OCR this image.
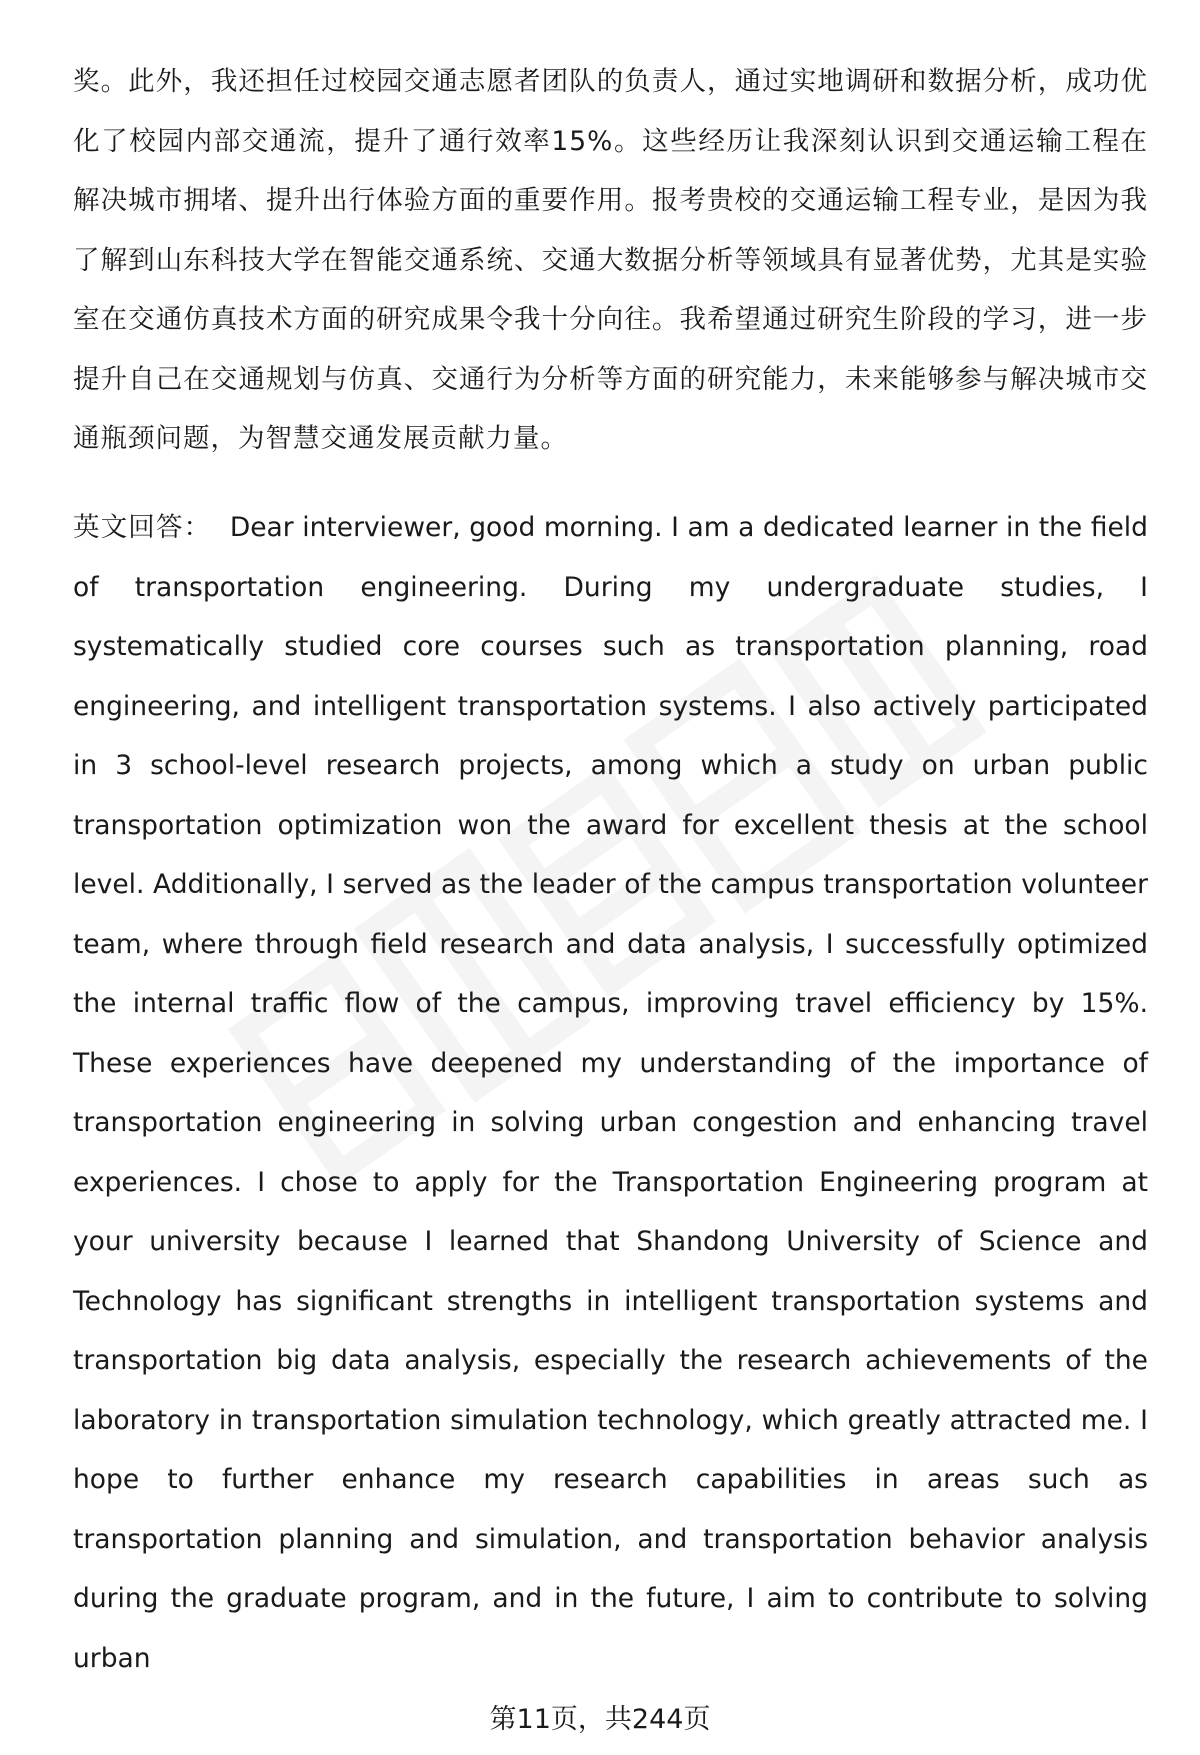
奖。此外，我还担任过校园交通志愿者团队的负责人，通过实地调研和数据分析，成功优化了校园内部交通流，提升了通行效率15%。这些经历让我深刻认识到交通运输工程在解决城市拥堵、提升出行体验方面的重要作用。报考贵校的交通运输工程专业，是因为我了解到山东科技大学在智能交通系统、交通大数据分析等领域具有显著优势，尤其是实验室在交通仿真技术方面的研究成果令我十分向往。我希望通过研究生阶段的学习，进一步提升自己在交通规划与仿真、交通行为分析等方面的研究能力，未来能够参与解决城市交通瓶颈问题，为智慧交通发展贡献力量。
英文回答： Dear interviewer, good morning. I am a dedicated learner in the field of transportation engineering. During my undergraduate studies, I systematically studied core courses such as transportation planning, road engineering, and intelligent transportation systems. I also actively participated in 3 school-level research projects, among which a study on urban public transportation optimization won the award for excellent thesis at the school level. Additionally, I served as the leader of the campus transportation volunteer team, where through field research and data analysis, I successfully optimized the internal traffic flow of the campus, improving travel efficiency by 15%. These experiences have deepened my understanding of the importance of transportation engineering in solving urban congestion and enhancing travel experiences. I chose to apply for the Transportation Engineering program at your university because I learned that Shandong University of Science and Technology has significant strengths in intelligent transportation systems and transportation big data analysis, especially the research achievements of the laboratory in transportation simulation technology, which greatly attracted me. I hope to further enhance my research capabilities in areas such as transportation planning and simulation, and transportation behavior analysis during the graduate program, and in the future, I aim to contribute to solving urban
第11页，共244页
